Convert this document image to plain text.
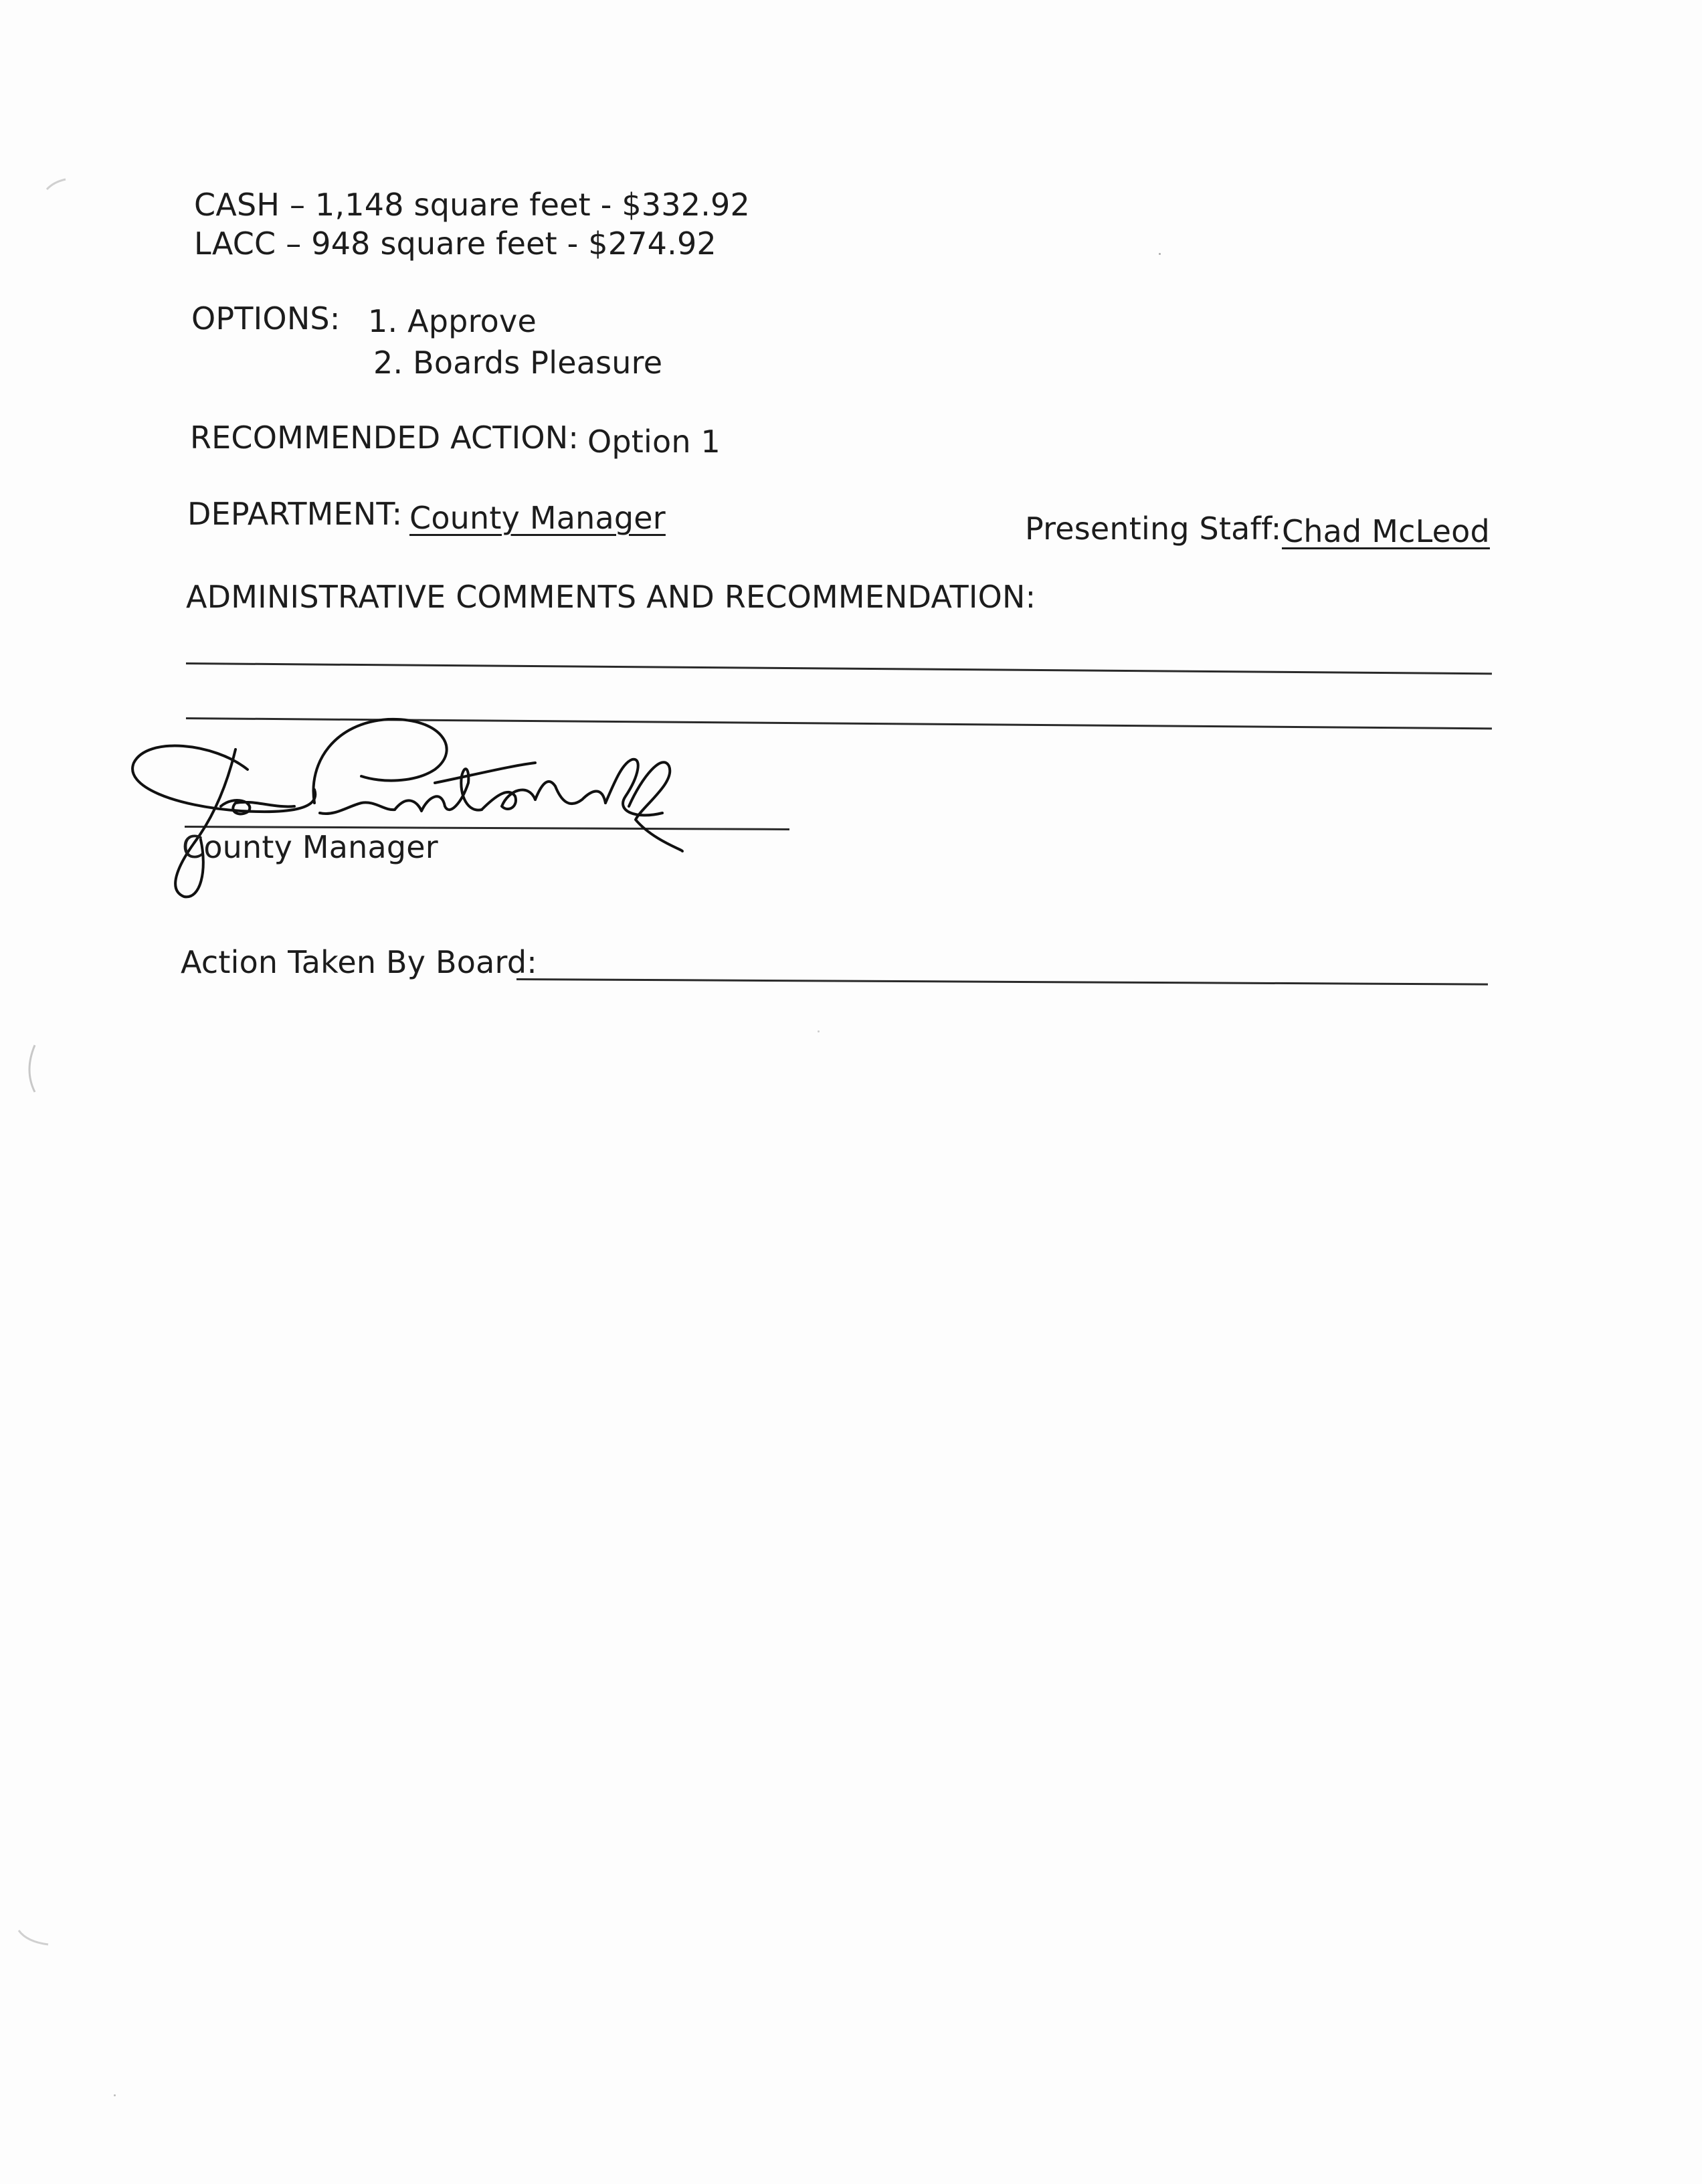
CASH – 1,148 square feet - $332.92
LACC – 948 square feet - $274.92
OPTIONS: 1. Approve
2. Boards Pleasure
RECOMMENDED ACTION: Option 1
DEPARTMENT: County Manager	Presenting Staff: Chad McLeod
ADMINISTRATIVE COMMENTS AND RECOMMENDATION:
County Manager
Action Taken By Board:
